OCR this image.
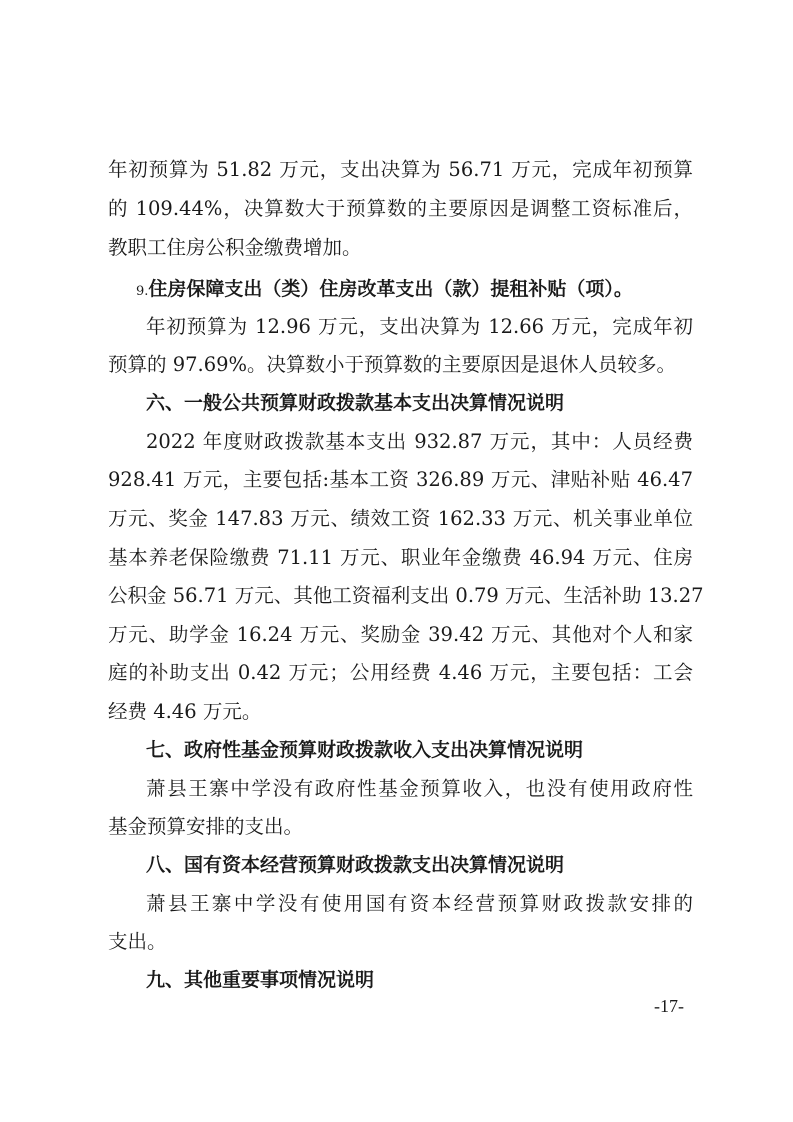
年初预算为 51.82 万元，支出决算为 56.71 万元，完成年初预算
的 109.44%，决算数大于预算数的主要原因是调整工资标准后，
教职工住房公积金缴费增加。
9.住房保障支出（类）住房改革支出（款）提租补贴（项）。
年初预算为 12.96 万元，支出决算为 12.66 万元，完成年初
预算的 97.69%。决算数小于预算数的主要原因是退休人员较多。
六、一般公共预算财政拨款基本支出决算情况说明
2022 年度财政拨款基本支出 932.87 万元，其中：人员经费
928.41 万元，主要包括:基本工资 326.89 万元、津贴补贴 46.47
万元、奖金 147.83 万元、绩效工资 162.33 万元、机关事业单位
基本养老保险缴费 71.11 万元、职业年金缴费 46.94 万元、住房
公积金 56.71 万元、其他工资福利支出 0.79 万元、生活补助 13.27
万元、助学金 16.24 万元、奖励金 39.42 万元、其他对个人和家
庭的补助支出 0.42 万元；公用经费 4.46 万元，主要包括：工会
经费 4.46 万元。
七、政府性基金预算财政拨款收入支出决算情况说明
萧县王寨中学没有政府性基金预算收入，也没有使用政府性
基金预算安排的支出。
八、国有资本经营预算财政拨款支出决算情况说明
萧县王寨中学没有使用国有资本经营预算财政拨款安排的
支出。
九、其他重要事项情况说明
-17-
